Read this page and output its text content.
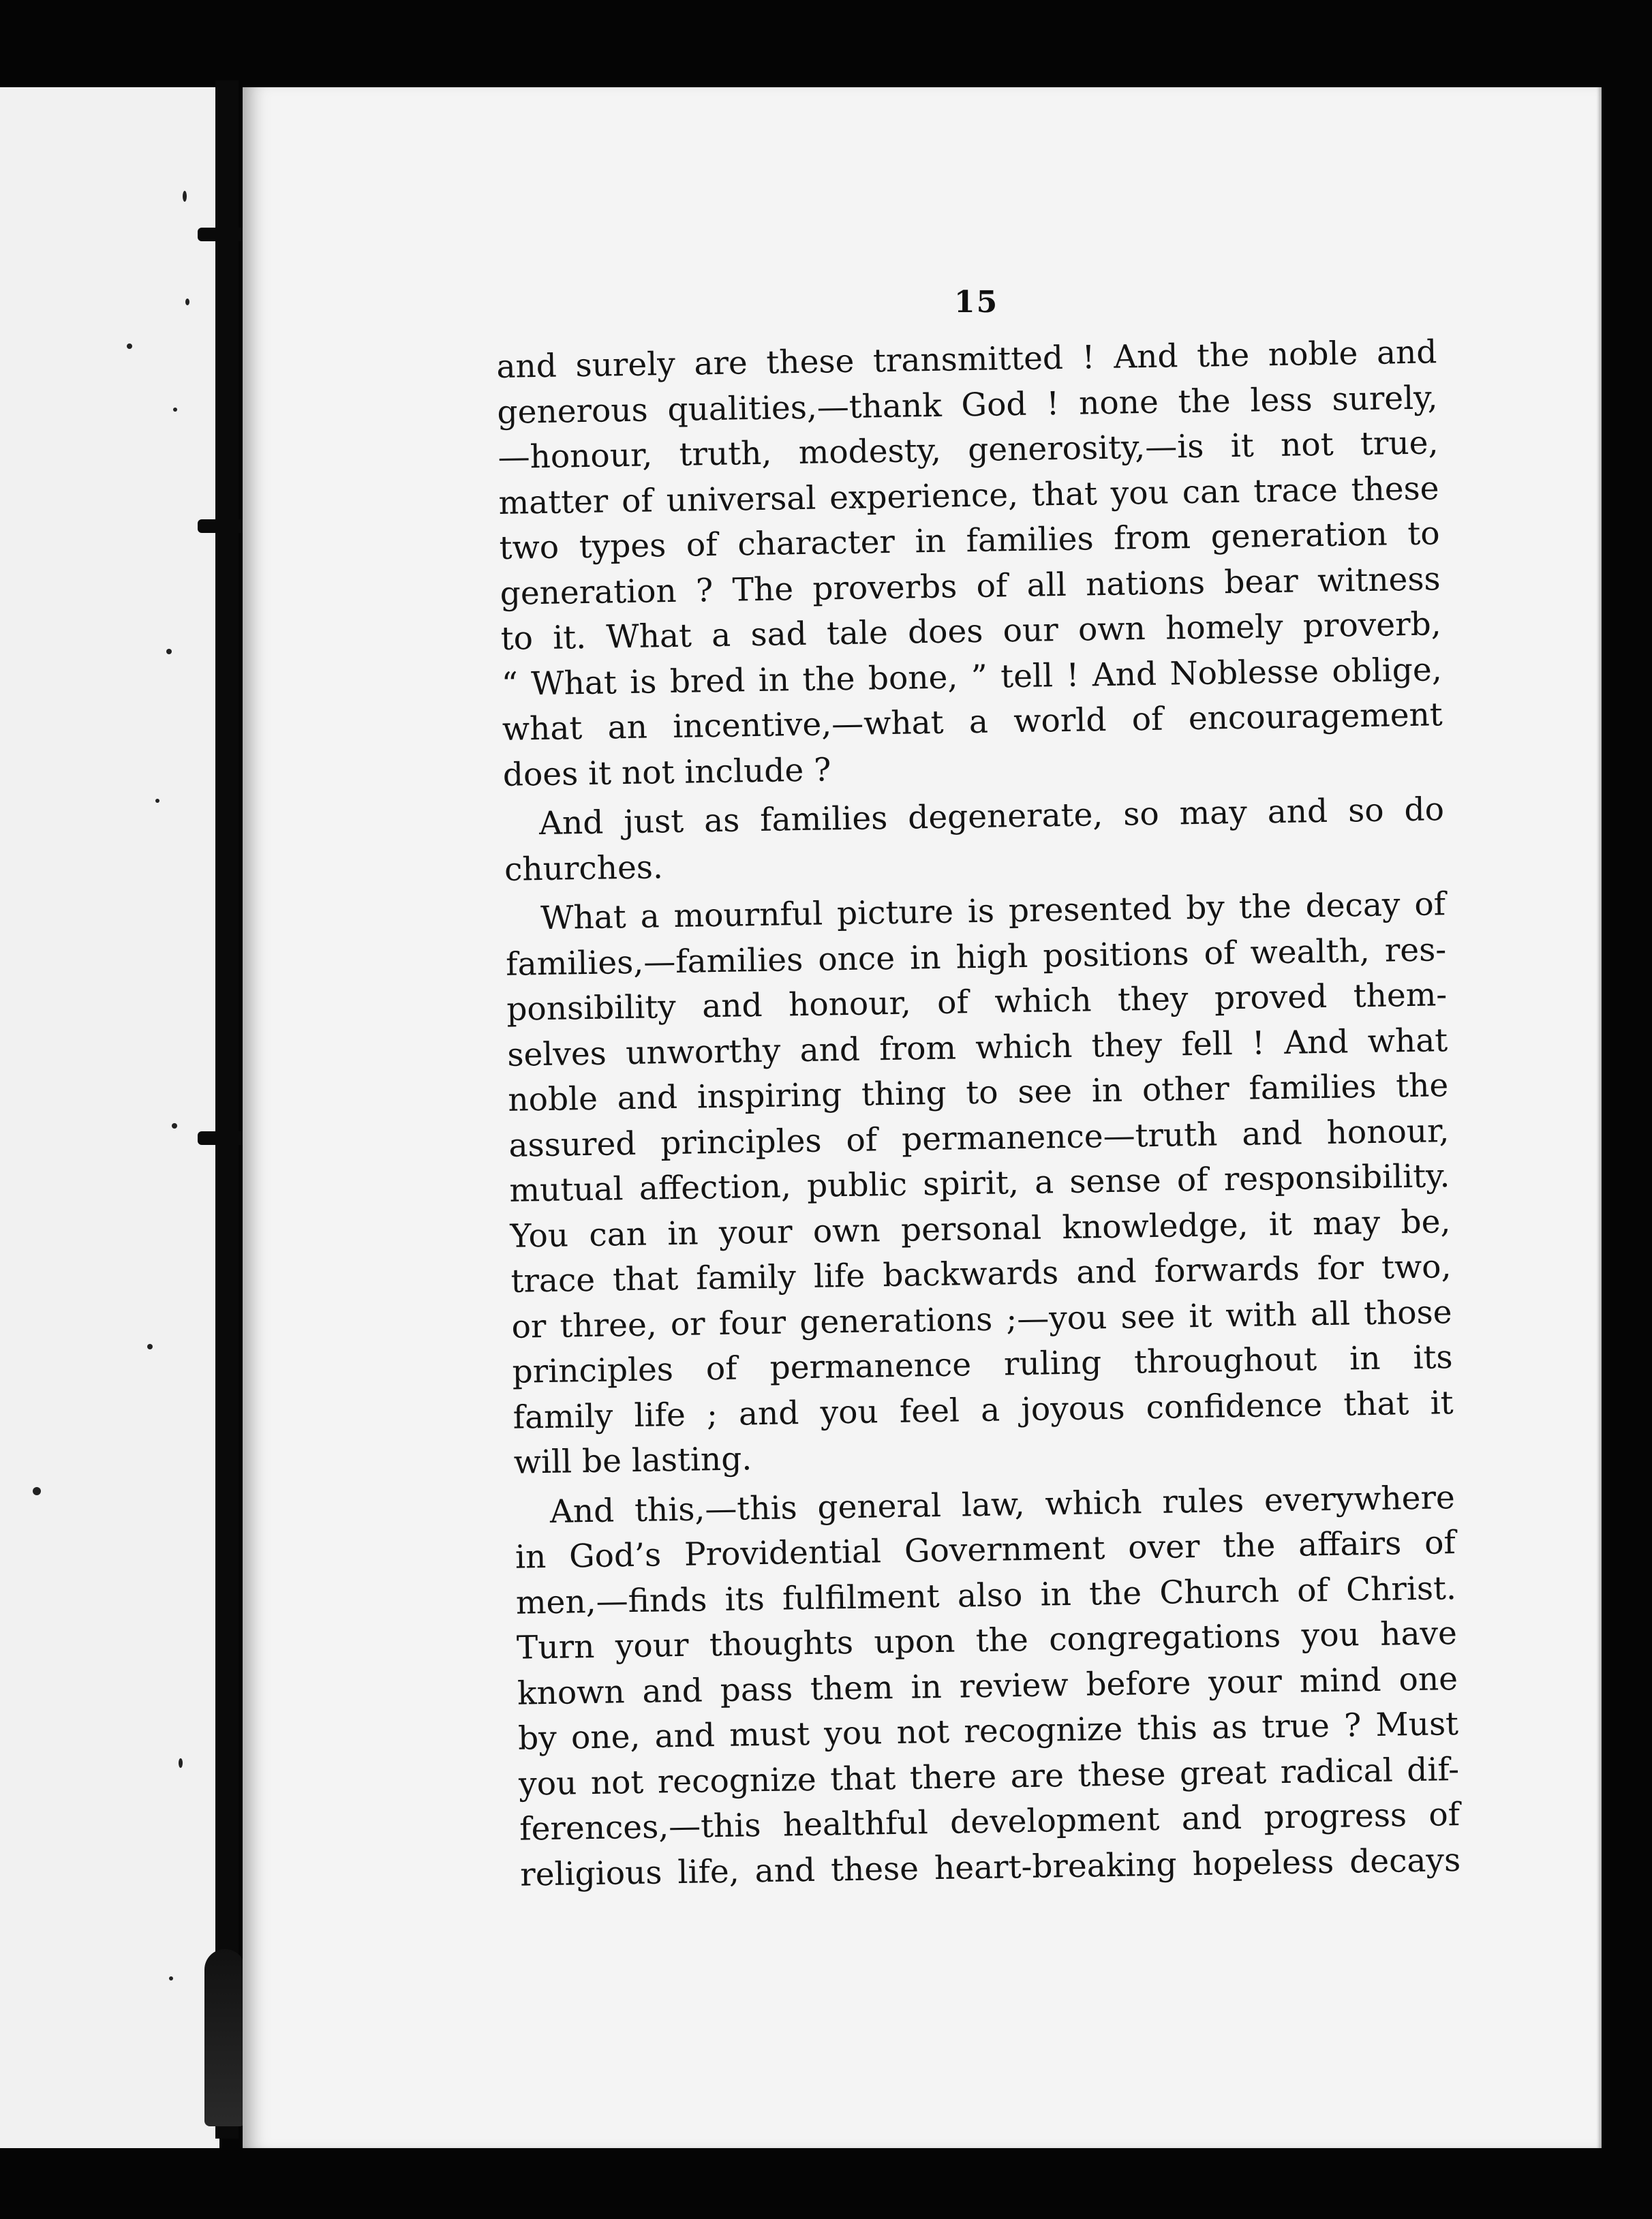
15
and surely are these transmitted ! And the noble and
generous qualities,—thank God ! none the less surely,
—honour, truth, modesty, generosity,—is it not true,
matter of universal experience, that you can trace these
two types of character in families from generation to
generation ? The proverbs of all nations bear witness
to it. What a sad tale does our own homely proverb,
“ What is bred in the bone, ” tell ! And Noblesse oblige,
what an incentive,—what a world of encouragement
does it not include ?
And just as families degenerate, so may and so do
churches.
What a mournful picture is presented by the decay of
families,—families once in high positions of wealth, res-
ponsibility and honour, of which they proved them-
selves unworthy and from which they fell ! And what
noble and inspiring thing to see in other families the
assured principles of permanence—truth and honour,
mutual affection, public spirit, a sense of responsibility.
You can in your own personal knowledge, it may be,
trace that family life backwards and forwards for two,
or three, or four generations ;—you see it with all those
principles of permanence ruling throughout in its
family life ; and you feel a joyous confidence that it
will be lasting.
And this,—this general law, which rules everywhere
in God’s Providential Government over the affairs of
men,—finds its fulfilment also in the Church of Christ.
Turn your thoughts upon the congregations you have
known and pass them in review before your mind one
by one, and must you not recognize this as true ? Must
you not recognize that there are these great radical dif-
ferences,—this healthful development and progress of
religious life, and these heart-breaking hopeless decays
